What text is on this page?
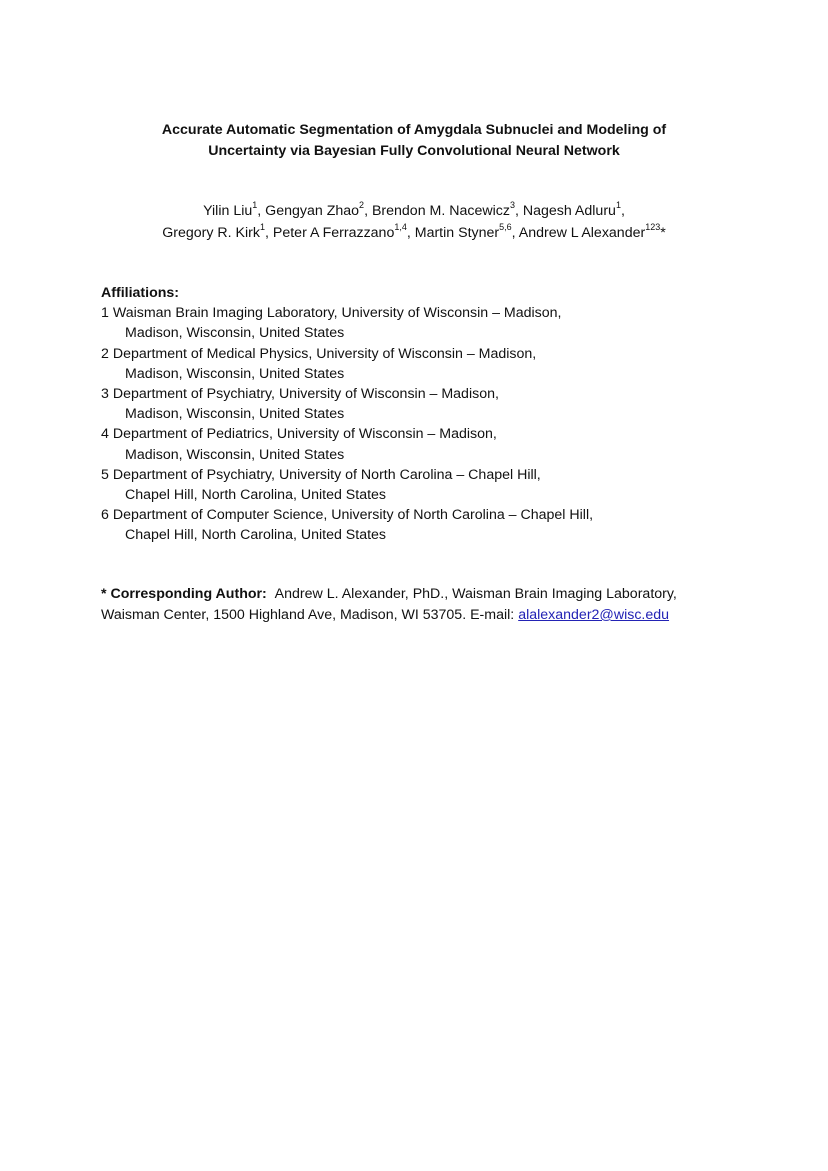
Accurate Automatic Segmentation of Amygdala Subnuclei and Modeling of
Uncertainty via Bayesian Fully Convolutional Neural Network
Yilin Liu$^1$, Gengyan Zhao$^2$, Brendon M. Nacewicz$^3$, Nagesh Adluru$^1$,
Gregory R. Kirk$^1$, Peter A Ferrazzano$^{1,4}$, Martin Styner$^{5,6}$, Andrew L Alexander$^{123}$*
Affiliations:
1 Waisman Brain Imaging Laboratory, University of Wisconsin – Madison,
Madison, Wisconsin, United States
2 Department of Medical Physics, University of Wisconsin – Madison,
Madison, Wisconsin, United States
3 Department of Psychiatry, University of Wisconsin – Madison,
Madison, Wisconsin, United States
4 Department of Pediatrics, University of Wisconsin – Madison,
Madison, Wisconsin, United States
5 Department of Psychiatry, University of North Carolina – Chapel Hill,
Chapel Hill, North Carolina, United States
6 Department of Computer Science, University of North Carolina – Chapel Hill,
Chapel Hill, North Carolina, United States
* Corresponding Author: Andrew L. Alexander, PhD., Waisman Brain Imaging Laboratory,
Waisman Center, 1500 Highland Ave, Madison, WI 53705. E-mail: alalexander2@wisc.edu
